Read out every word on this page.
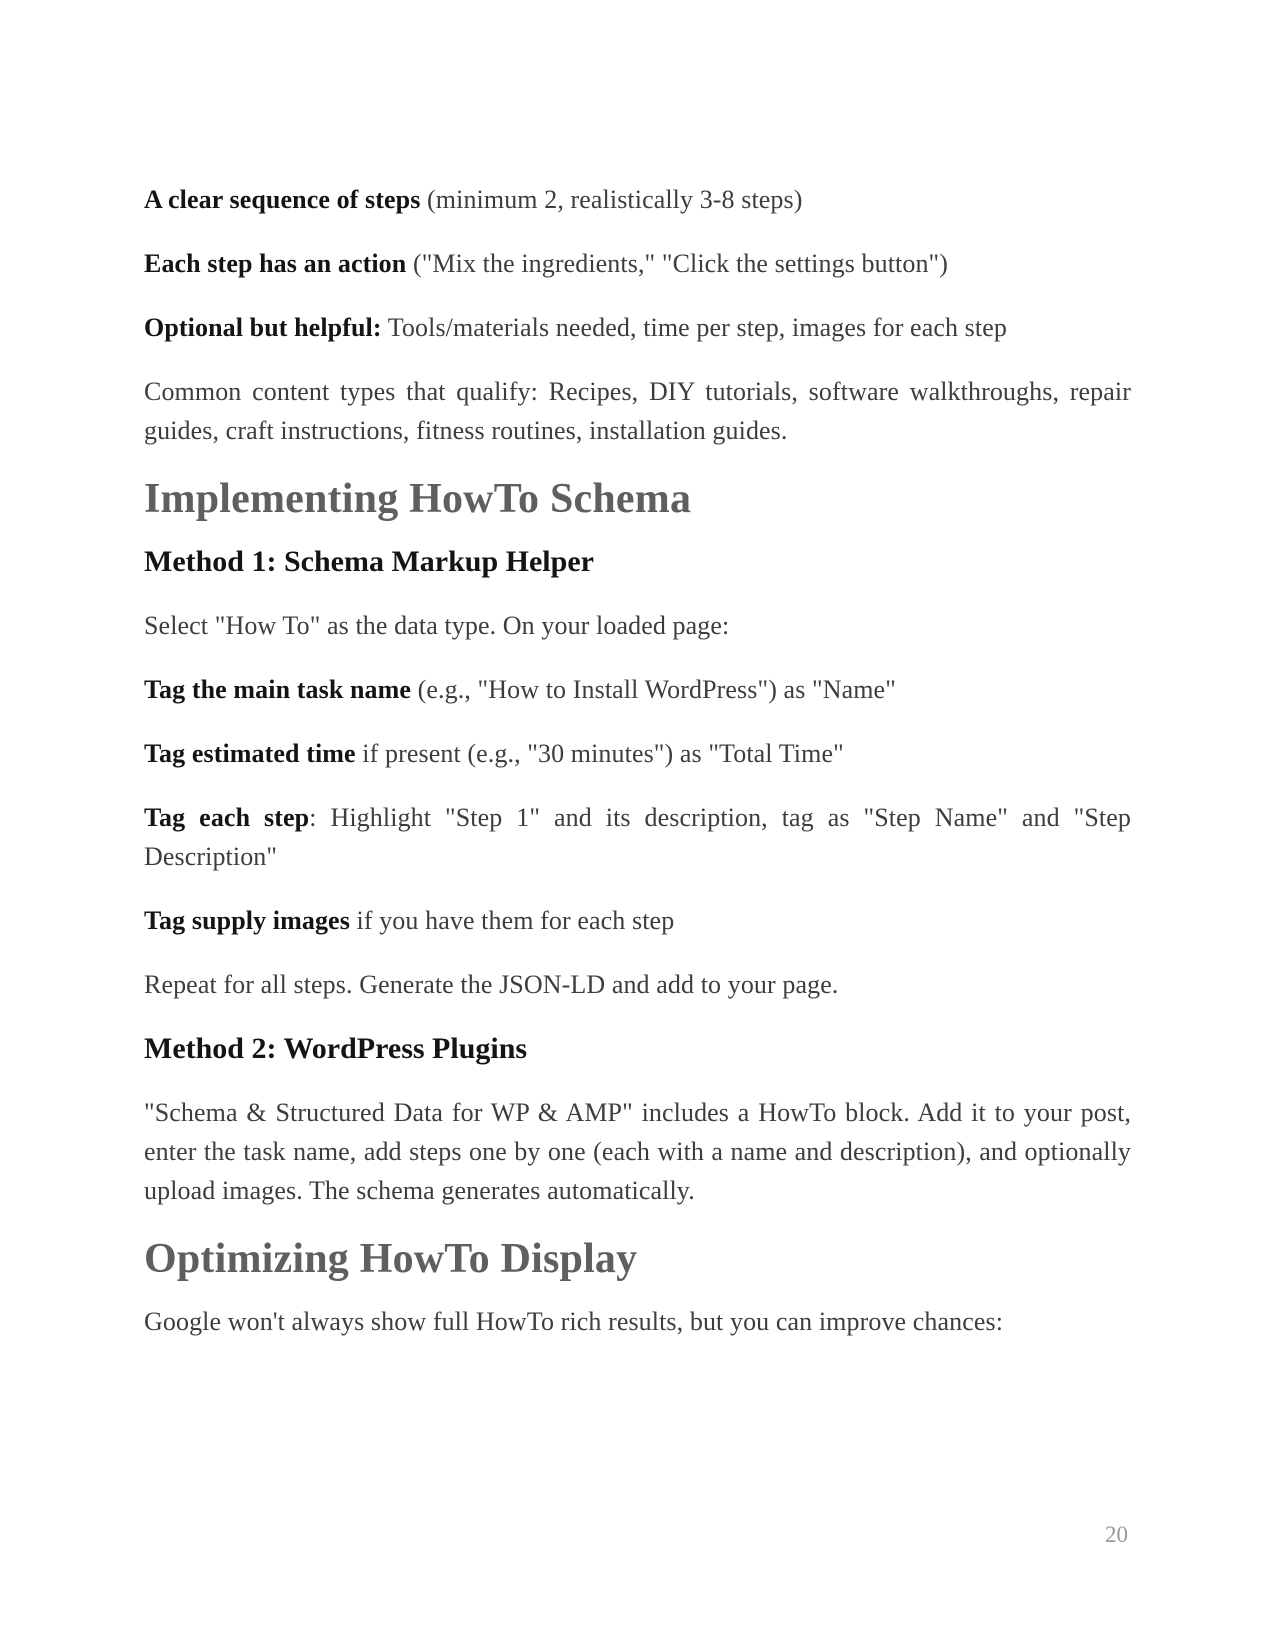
A clear sequence of steps (minimum 2, realistically 3-8 steps)

Each step has an action ("Mix the ingredients," "Click the settings button")

Optional but helpful: Tools/materials needed, time per step, images for each step

Common content types that qualify: Recipes, DIY tutorials, software walkthroughs, repair guides, craft instructions, fitness routines, installation guides.

Implementing HowTo Schema
Method 1: Schema Markup Helper

Select "How To" as the data type. On your loaded page:

Tag the main task name (e.g., "How to Install WordPress") as "Name"

Tag estimated time if present (e.g., "30 minutes") as "Total Time"

Tag each step: Highlight "Step 1" and its description, tag as "Step Name" and "Step Description"

Tag supply images if you have them for each step

Repeat for all steps. Generate the JSON-LD and add to your page.

Method 2: WordPress Plugins

"Schema & Structured Data for WP & AMP" includes a HowTo block. Add it to your post, enter the task name, add steps one by one (each with a name and description), and optionally upload images. The schema generates automatically.

Optimizing HowTo Display

Google won't always show full HowTo rich results, but you can improve chances:

20
